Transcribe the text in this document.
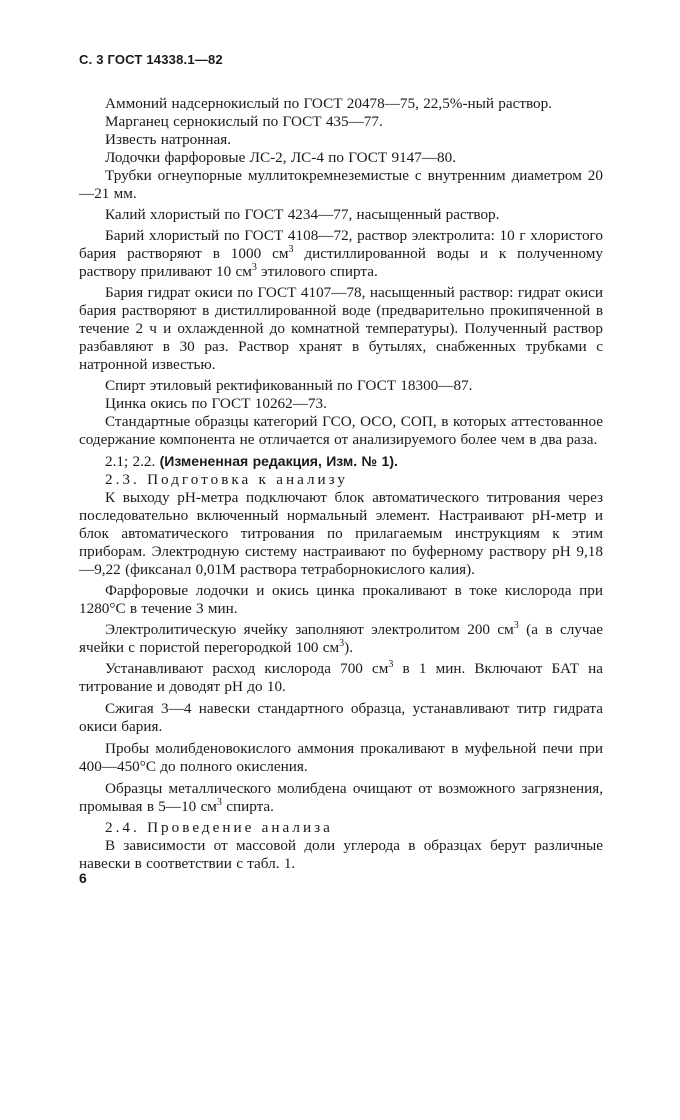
С. 3 ГОСТ 14338.1—82

Аммоний надсернокислый по ГОСТ 20478—75, 22,5%-ный раствор.

Марганец сернокислый по ГОСТ 435—77.

Известь натронная.

Лодочки фарфоровые ЛС-2, ЛС-4 по ГОСТ 9147—80.

Трубки огнеупорные муллитокремнеземистые с внутренним диаметром 20—21 мм.

Калий хлористый по ГОСТ 4234—77, насыщенный раствор.

Барий хлористый по ГОСТ 4108—72, раствор электролита: 10 г хлористого бария растворяют в 1000 $см^3$ дистиллированной воды и к полученному раствору приливают 10 $см^3$ этилового спирта.

Бария гидрат окиси по ГОСТ 4107—78, насыщенный раствор: гидрат окиси бария растворяют в дистиллированной воде (предварительно прокипяченной в течение 2 ч и охлажденной до комнатной температуры). Полученный раствор разбавляют в 30 раз. Раствор хранят в бутылях, снабженных трубками с натронной известью.

Спирт этиловый ректификованный по ГОСТ 18300—87.

Цинка окись по ГОСТ 10262—73.

Стандартные образцы категорий ГСО, ОСО, СОП, в которых аттестованное содержание компонента не отличается от анализируемого более чем в два раза.

2.1; 2.2. (Измененная редакция, Изм. № 1).

2.3. Подготовка к анализу

К выходу pH-метра подключают блок автоматического титрования через последовательно включенный нормальный элемент. Настраивают pH-метр и блок автоматического титрования по прилагаемым инструкциям к этим приборам. Электродную систему настраивают по буферному раствору pH 9,18—9,22 (фиксанал 0,01М раствора тетраборнокислого калия).

Фарфоровые лодочки и окись цинка прокаливают в токе кислорода при 1280°С в течение 3 мин.

Электролитическую ячейку заполняют электролитом 200 $см^3$ (а в случае ячейки с пористой перегородкой 100 $см^3$).

Устанавливают расход кислорода 700 $см^3$ в 1 мин. Включают БАТ на титрование и доводят pH до 10.

Сжигая 3—4 навески стандартного образца, устанавливают титр гидрата окиси бария.

Пробы молибденовокислого аммония прокаливают в муфельной печи при 400—450°С до полного окисления.

Образцы металлического молибдена очищают от возможного загрязнения, промывая в 5—10 $см^3$ спирта.

2.4. Проведение анализа

В зависимости от массовой доли углерода в образцах берут различные навески в соответствии с табл. 1.

6
